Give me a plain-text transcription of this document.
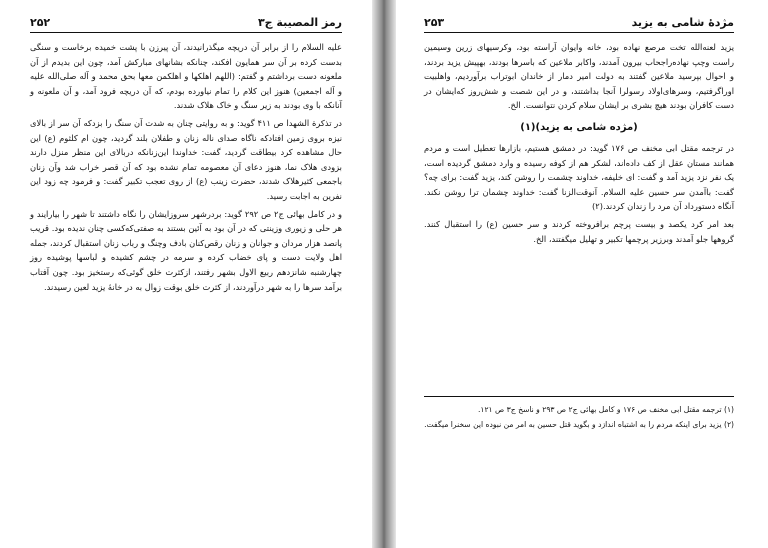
رمز المصیبة ج۳
۲۵۲

علیه السلام را از برابر آن دریچه میگذرانیدند، آن پیرزن با پشت خمیده برخاست و سنگی بدست کرده بر آن سر همایون افکند، چنانکه بشانهای مبارکش آمد، چون این بدیدم از آن ملعونه دست برداشتم و گفتم: (اللهم اهلکها و اهلکمن معها بحق محمد و آله صلی‌الله علیه و آله اجمعین) هنوز این کلام را تمام نیاورده بودم، که آن دریچه فرود آمد، و آن ملعونه و آنانکه با وی بودند به زیر سنگ و خاک هلاک شدند.

در تذکرة الشهدا ص ۴۱۱ گوید: و به روایتی چنان به شدت آن سنگ را بزدکه آن سر از بالای نیزه بروی زمین افتادکه ناگاه صدای ناله زنان و طفلان بلند گردید، چون ام کلثوم (ع) این حال مشاهده کرد بیطاقت گردید، گفت: خداوندا این‌زنانکه دربالای این منظر منزل دارند بزودی هلاک نما، هنوز دعای آن معصومه تمام نشده بود که آن قصر خراب شد وآن زنان باجمعی کثیرهلاک شدند، حضرت زینب (ع) از روی تعجب تکبیر گفت: و فرمود چه زود این نفرین به اجابت رسید.

و در کامل بهائی ج۲ ص ۲۹۲ گوید: بردرشهر سروزایشان را نگاه داشتند تا شهر را بیارایند و هر حلی و زیوری وزینتی که در آن بود به آئین بستند به صفتی‌که‌کسی چنان ندیده بود. قریب پانصد هزار مردان و جوانان و زنان رقص‌کنان بادف وچنگ و رباب زنان استقبال کردند، جمله اهل ولایت دست و پای خضاب کرده و سرمه در چشم کشیده و لباسها پوشیده روز چهارشنبه شانزدهم ربیع الاول بشهر رفتند، ازکثرت خلق گوئی‌که رستخیز بود. چون آفتاب برآمد سرها را به شهر درآوردند، از کثرت خلق بوقت زوال به در خانهٔ یزید لعین رسیدند.

مژدهٔ شامی به یزید
۲۵۳

یزید لعنه‌الله تخت مرصع نهاده بود، خانه وایوان آراسته بود، وکرسیهای زرین وسیمین راست وچپ نهاده‌راجحاب بیرون آمدند، واکابر ملاعین که باسرها بودند، بهپیش یزید بردند، و احوال بپرسید ملاعین گفتند به دولت امیر دمار از خاندان ابوتراب برآوردیم، واهلبیت اوراگرفتیم، وسرهای‌اولاد رسولرا آنجا بداشتند، و در این شصت و شش‌روز که‌ایشان در دست کافران بودند هیچ بشری بر ایشان سلام کردن نتوانست. الخ.

(مژده شامی به یزید)(۱)

در ترجمه مقتل ابی مخنف ص ۱۷۶ گوید: در دمشق هستیم، بازارها تعطیل است و مردم همانند مستان عقل از کف داده‌اند، لشکر هم از کوفه رسیده و وارد دمشق گردیده است، یک نفر نزد یزید آمد و گفت: ای خلیفه، خداوند چشمت را روشن کند، یزید گفت: برای چه؟ گفت: باآمدن سر حسین علیه السلام. آنوقت‌الزنا گفت: خداوند چشمان ترا روشن نکند. آنگاه دستورداد آن مرد را زندان کردند.(۲)

بعد امر کرد یکصد و بیست پرچم برافروخته کردند و سر حسین (ع) را استقبال کنند. گروهها جلو آمدند وبرزیر پرچمها تکبیر و تهلیل میگفتند، الخ.

(۱) ترجمه مقتل ابی مخنف ص ۱۷۶ و کامل بهائی ج۲ ص ۲۹۳ و ناسخ ج۳ ص ۱۲۱.

(۲) یزید برای اینکه مردم را به اشتباه اندازد و بگوید قتل حسین به امر من نبوده این سخنرا میگفت.
